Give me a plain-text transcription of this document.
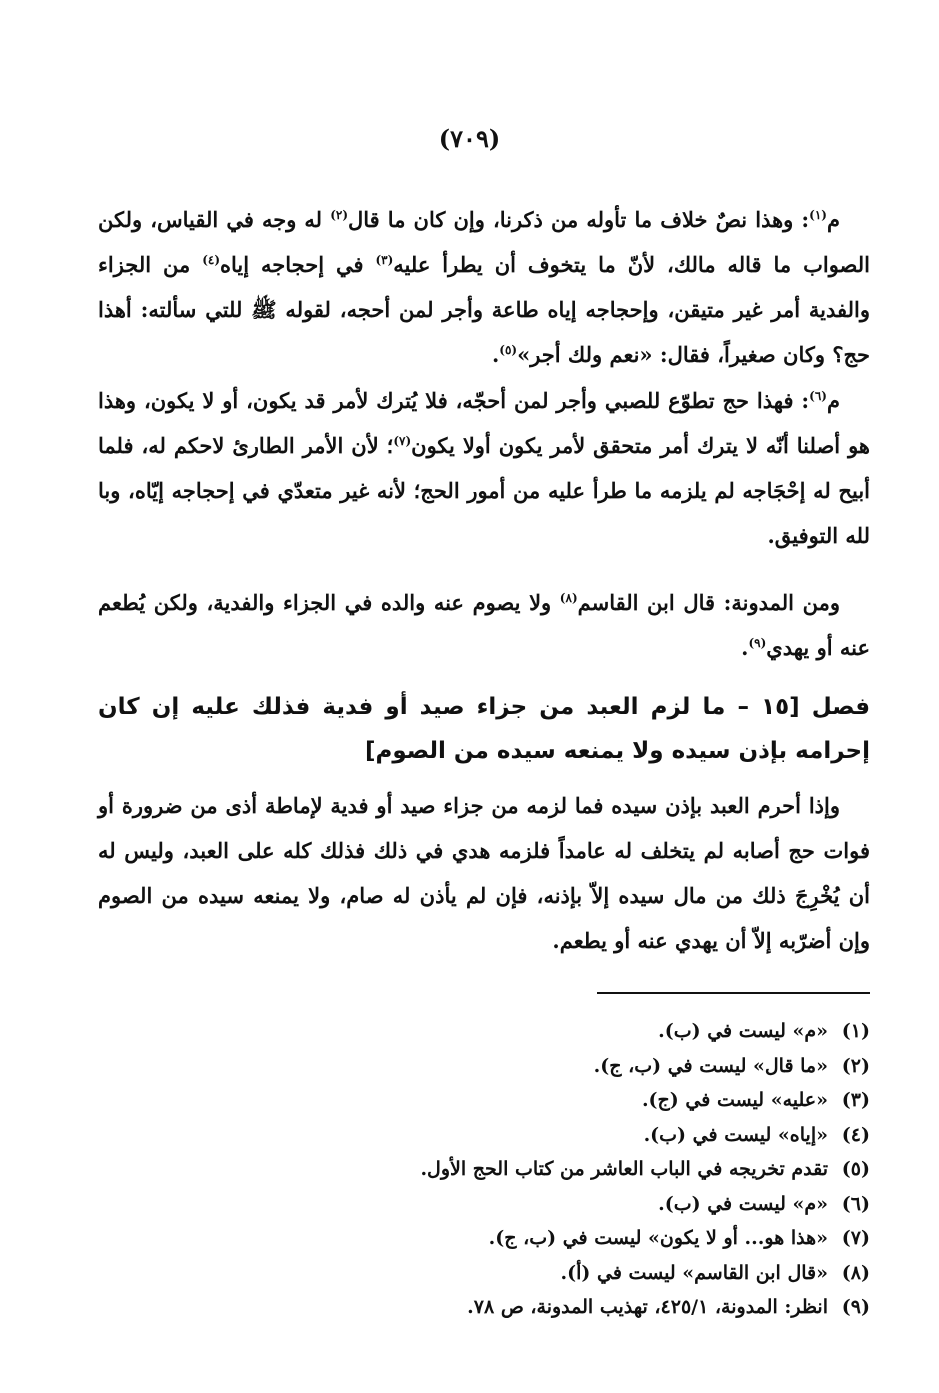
(٧٠٩)

م$^{(١)}$: وهذا نصٌ خلاف ما تأوله من ذكرنا، وإن كان ما قال$^{(٢)}$ له وجه في القياس، ولكن الصواب ما قاله مالك، لأنّ ما يتخوف أن يطرأ عليه$^{(٣)}$ في إحجاجه إياه$^{(٤)}$ من الجزاء والفدية أمر غير متيقن، وإحجاجه إياه طاعة وأجر لمن أحجه، لقوله ﷺ للتي سألته: أهذا حج؟ وكان صغيراً، فقال: «نعم ولك أجر»$^{(٥)}$.

م$^{(٦)}$: فهذا حج تطوّع للصبي وأجر لمن أحجّه، فلا يُترك لأمر قد يكون، أو لا يكون، وهذا هو أصلنا أنّه لا يترك أمر متحقق لأمر يكون أولا يكون$^{(٧)}$؛ لأن الأمر الطارئ لاحكم له، فلما أبيح له إحْجَاجه لم يلزمه ما طرأ عليه من أمور الحج؛ لأنه غير متعدّي في إحجاجه إيّاه، وبا لله التوفيق.

ومن المدونة: قال ابن القاسم$^{(٨)}$ ولا يصوم عنه والده في الجزاء والفدية، ولكن يُطعم عنه أو يهدي$^{(٩)}$.

فصل [١٥ – ما لزم العبد من جزاء صيد أو فدية فذلك عليه إن كان إحرامه بإذن سيده ولا يمنعه سيده من الصوم]

وإذا أحرم العبد بإذن سيده فما لزمه من جزاء صيد أو فدية لإماطة أذى من ضرورة أو فوات حج أصابه لم يتخلف له عامداً فلزمه هدي في ذلك فذلك كله على العبد، وليس له أن يُخْرِجَ ذلك من مال سيده إلاّ بإذنه، فإن لم يأذن له صام، ولا يمنعه سيده من الصوم وإن أضرّبه إلاّ أن يهدي عنه أو يطعم.

(١)«م» ليست في (ب).
(٢)«ما قال» ليست في (ب، ج).
(٣)«عليه» ليست في (ج).
(٤)«إياه» ليست في (ب).
(٥)تقدم تخريجه في الباب العاشر من كتاب الحج الأول.
(٦)«م» ليست في (ب).
(٧)«هذا هو... أو لا يكون» ليست في (ب، ج).
(٨)«قال ابن القاسم» ليست في (أ).
(٩)انظر: المدونة، ٤٢٥/١، تهذيب المدونة، ص ٧٨.
